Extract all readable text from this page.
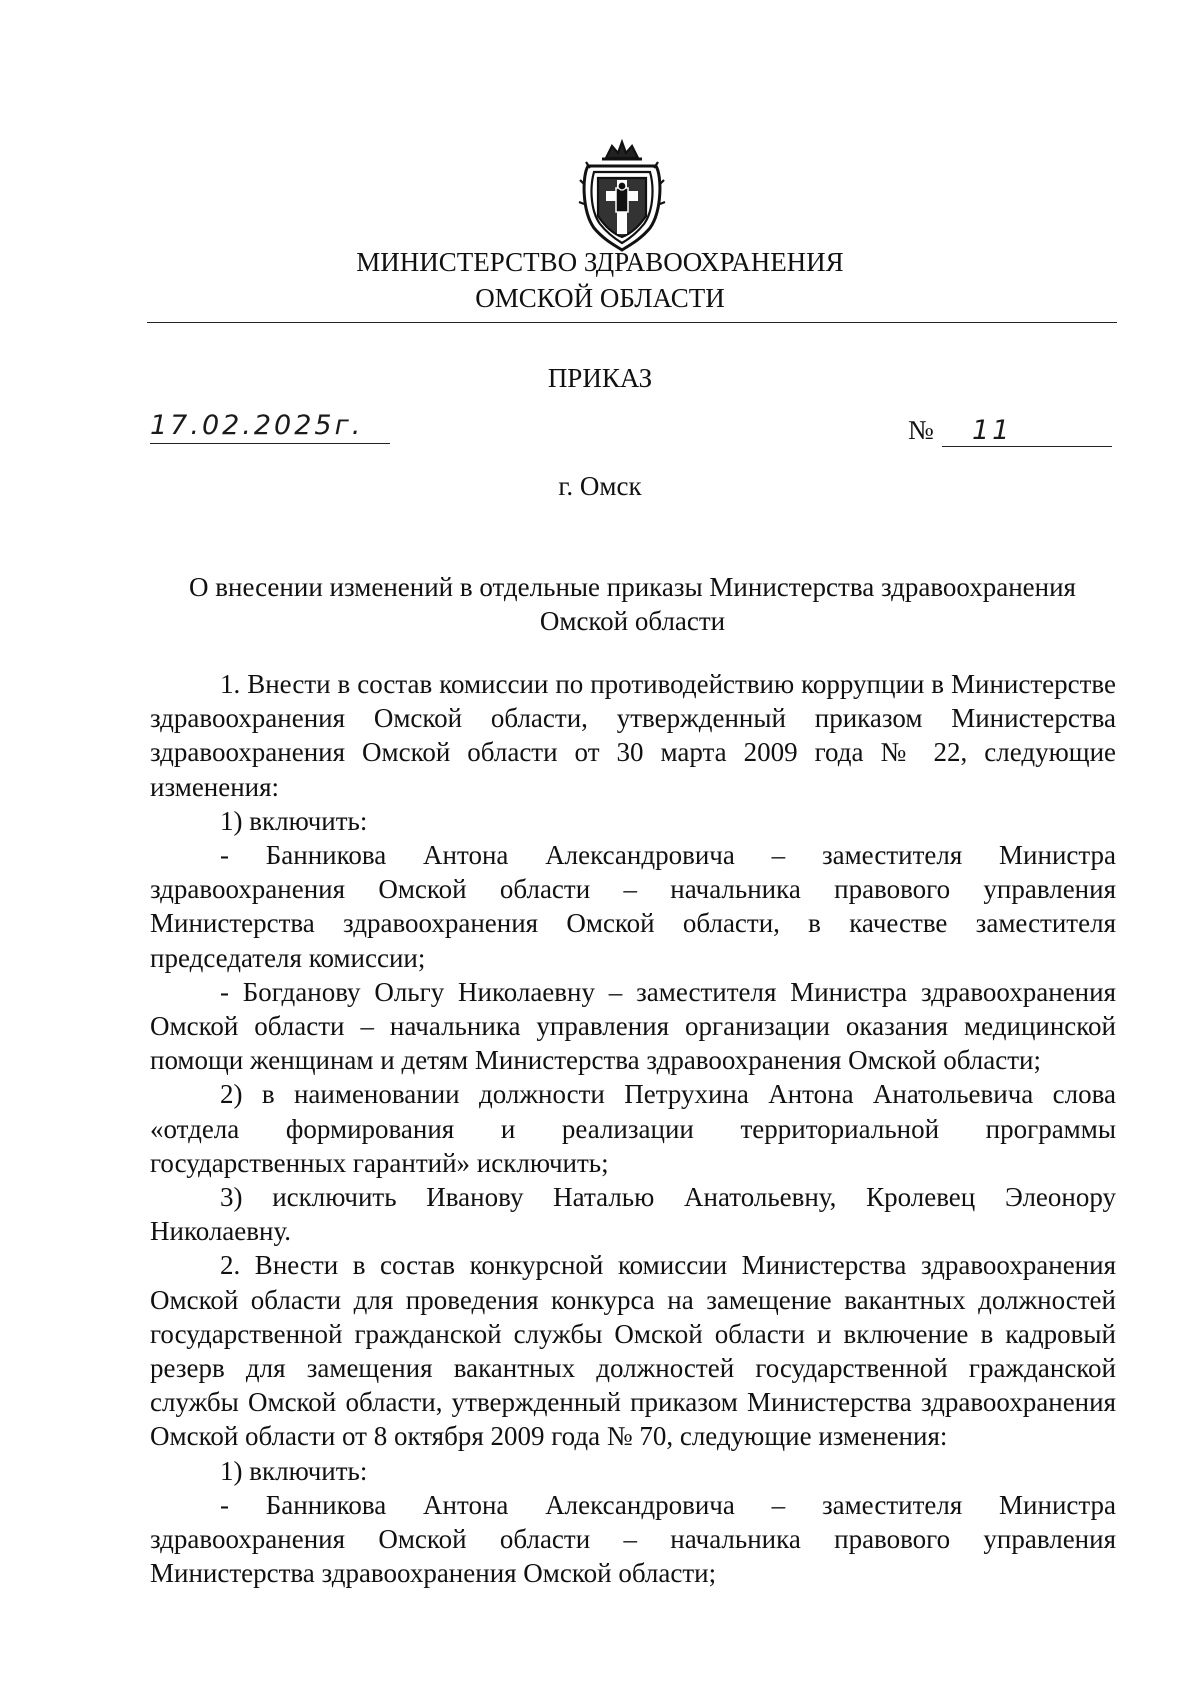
МИНИСТЕРСТВО ЗДРАВООХРАНЕНИЯ
ОМСКОЙ ОБЛАСТИ
ПРИКАЗ
17.02.2025г.	№ 11
г. Омск
О внесении изменений в отдельные приказы Министерства здравоохранения Омской области

1. Внести в состав комиссии по противодействию коррупции в Министерстве здравоохранения Омской области, утвержденный приказом Министерства здравоохранения Омской области от 30 марта 2009 года № 22, следующие изменения:

1) включить:

- Банникова Антона Александровича – заместителя Министра здравоохранения Омской области – начальника правового управления Министерства здравоохранения Омской области, в качестве заместителя председателя комиссии;

- Богданову Ольгу Николаевну – заместителя Министра здравоохранения Омской области – начальника управления организации оказания медицинской помощи женщинам и детям Министерства здравоохранения Омской области;

2) в наименовании должности Петрухина Антона Анатольевича слова «отдела формирования и реализации территориальной программы государственных гарантий» исключить;

3) исключить Иванову Наталью Анатольевну, Кролевец Элеонору Николаевну.

2. Внести в состав конкурсной комиссии Министерства здравоохранения Омской области для проведения конкурса на замещение вакантных должностей государственной гражданской службы Омской области и включение в кадровый резерв для замещения вакантных должностей государственной гражданской службы Омской области, утвержденный приказом Министерства здравоохранения Омской области от 8 октября 2009 года № 70, следующие изменения:

1) включить:

- Банникова Антона Александровича – заместителя Министра здравоохранения Омской области – начальника правового управления Министерства здравоохранения Омской области;
